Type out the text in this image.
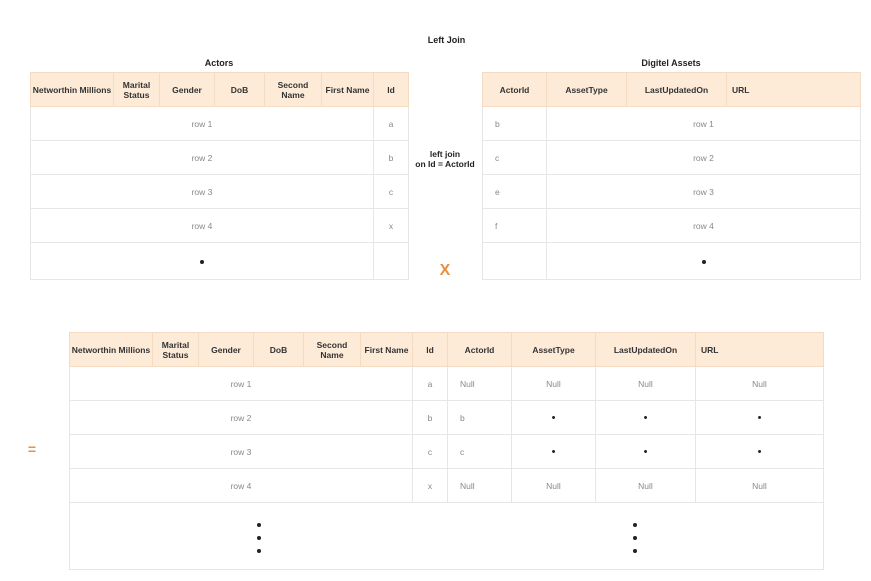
Left Join
Actors
Networthin Millions	Marital Status	Gender	DoB	Second Name	First Name	Id
row 1						a
row 2						b
row 3						c
row 4						x

left join
on Id = ActorId
X
Digitel Assets
ActorId	AssetType	LastUpdatedOn	URL
b	row 1		
c	row 2		
e	row 3		
f	row 4		

=
Networthin Millions	Marital Status	Gender	DoB	Second Name	First Name	Id	ActorId	AssetType	LastUpdatedOn	URL
row 1						a	Null	Null	Null	Null
row 2						b	b	•	•	•
row 3						c	c	•	•	•
row 4						x	Null	Null	Null	Null
